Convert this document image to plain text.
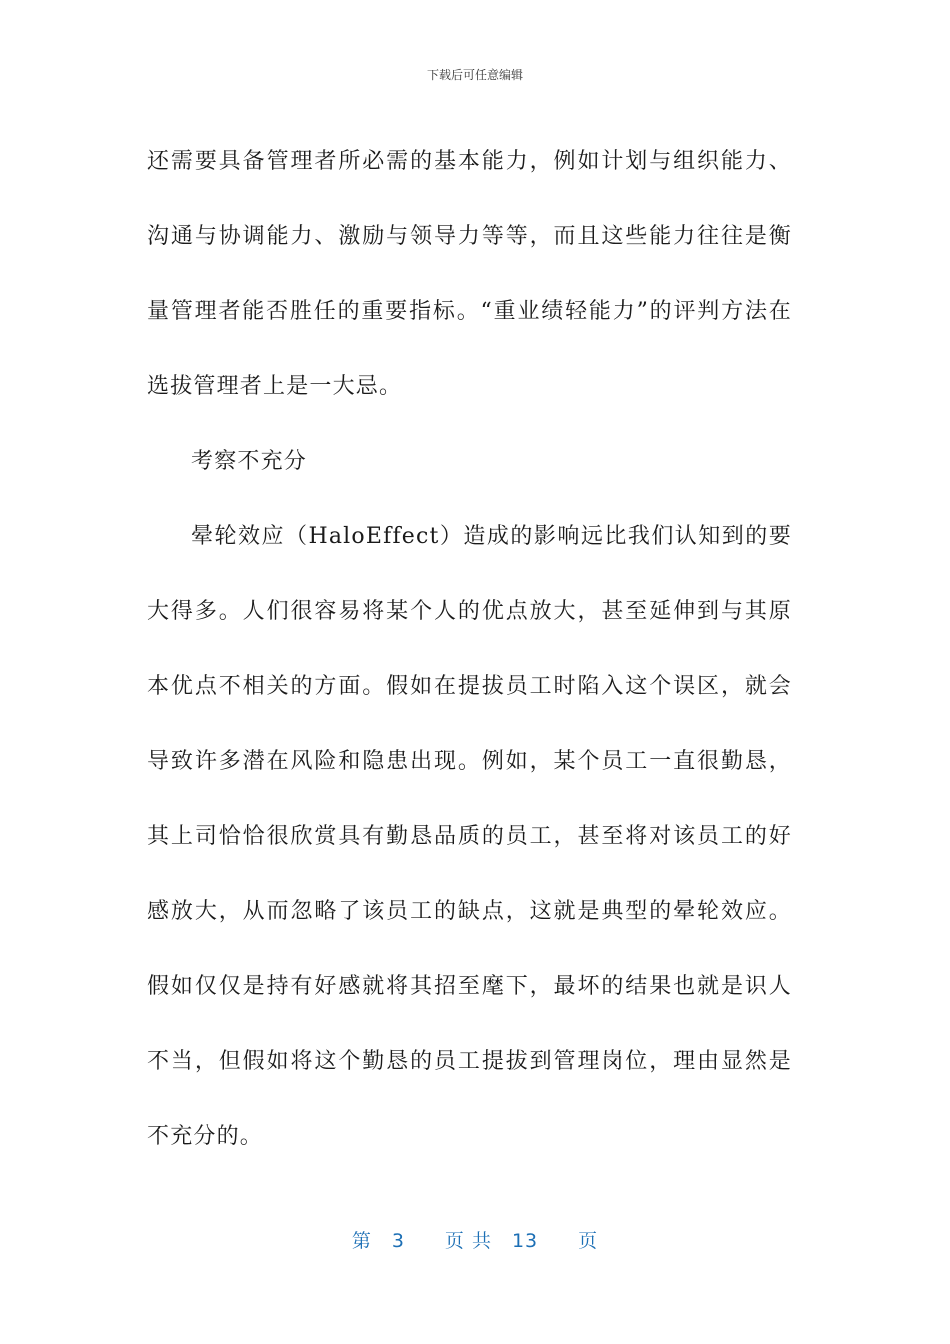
下载后可任意编辑

还需要具备管理者所必需的基本能力，例如计划与组织能力、沟通与协调能力、激励与领导力等等，而且这些能力往往是衡量管理者能否胜任的重要指标。“重业绩轻能力”的评判方法在选拔管理者上是一大忌。

考察不充分

晕轮效应（HaloEffect）造成的影响远比我们认知到的要大得多。人们很容易将某个人的优点放大，甚至延伸到与其原本优点不相关的方面。假如在提拔员工时陷入这个误区，就会导致许多潜在风险和隐患出现。例如，某个员工一直很勤恳，其上司恰恰很欣赏具有勤恳品质的员工，甚至将对该员工的好感放大，从而忽略了该员工的缺点，这就是典型的晕轮效应。假如仅仅是持有好感就将其招至麾下，最坏的结果也就是识人不当，但假如将这个勤恳的员工提拔到管理岗位，理由显然是不充分的。

第　3　　页 共　13　　页
